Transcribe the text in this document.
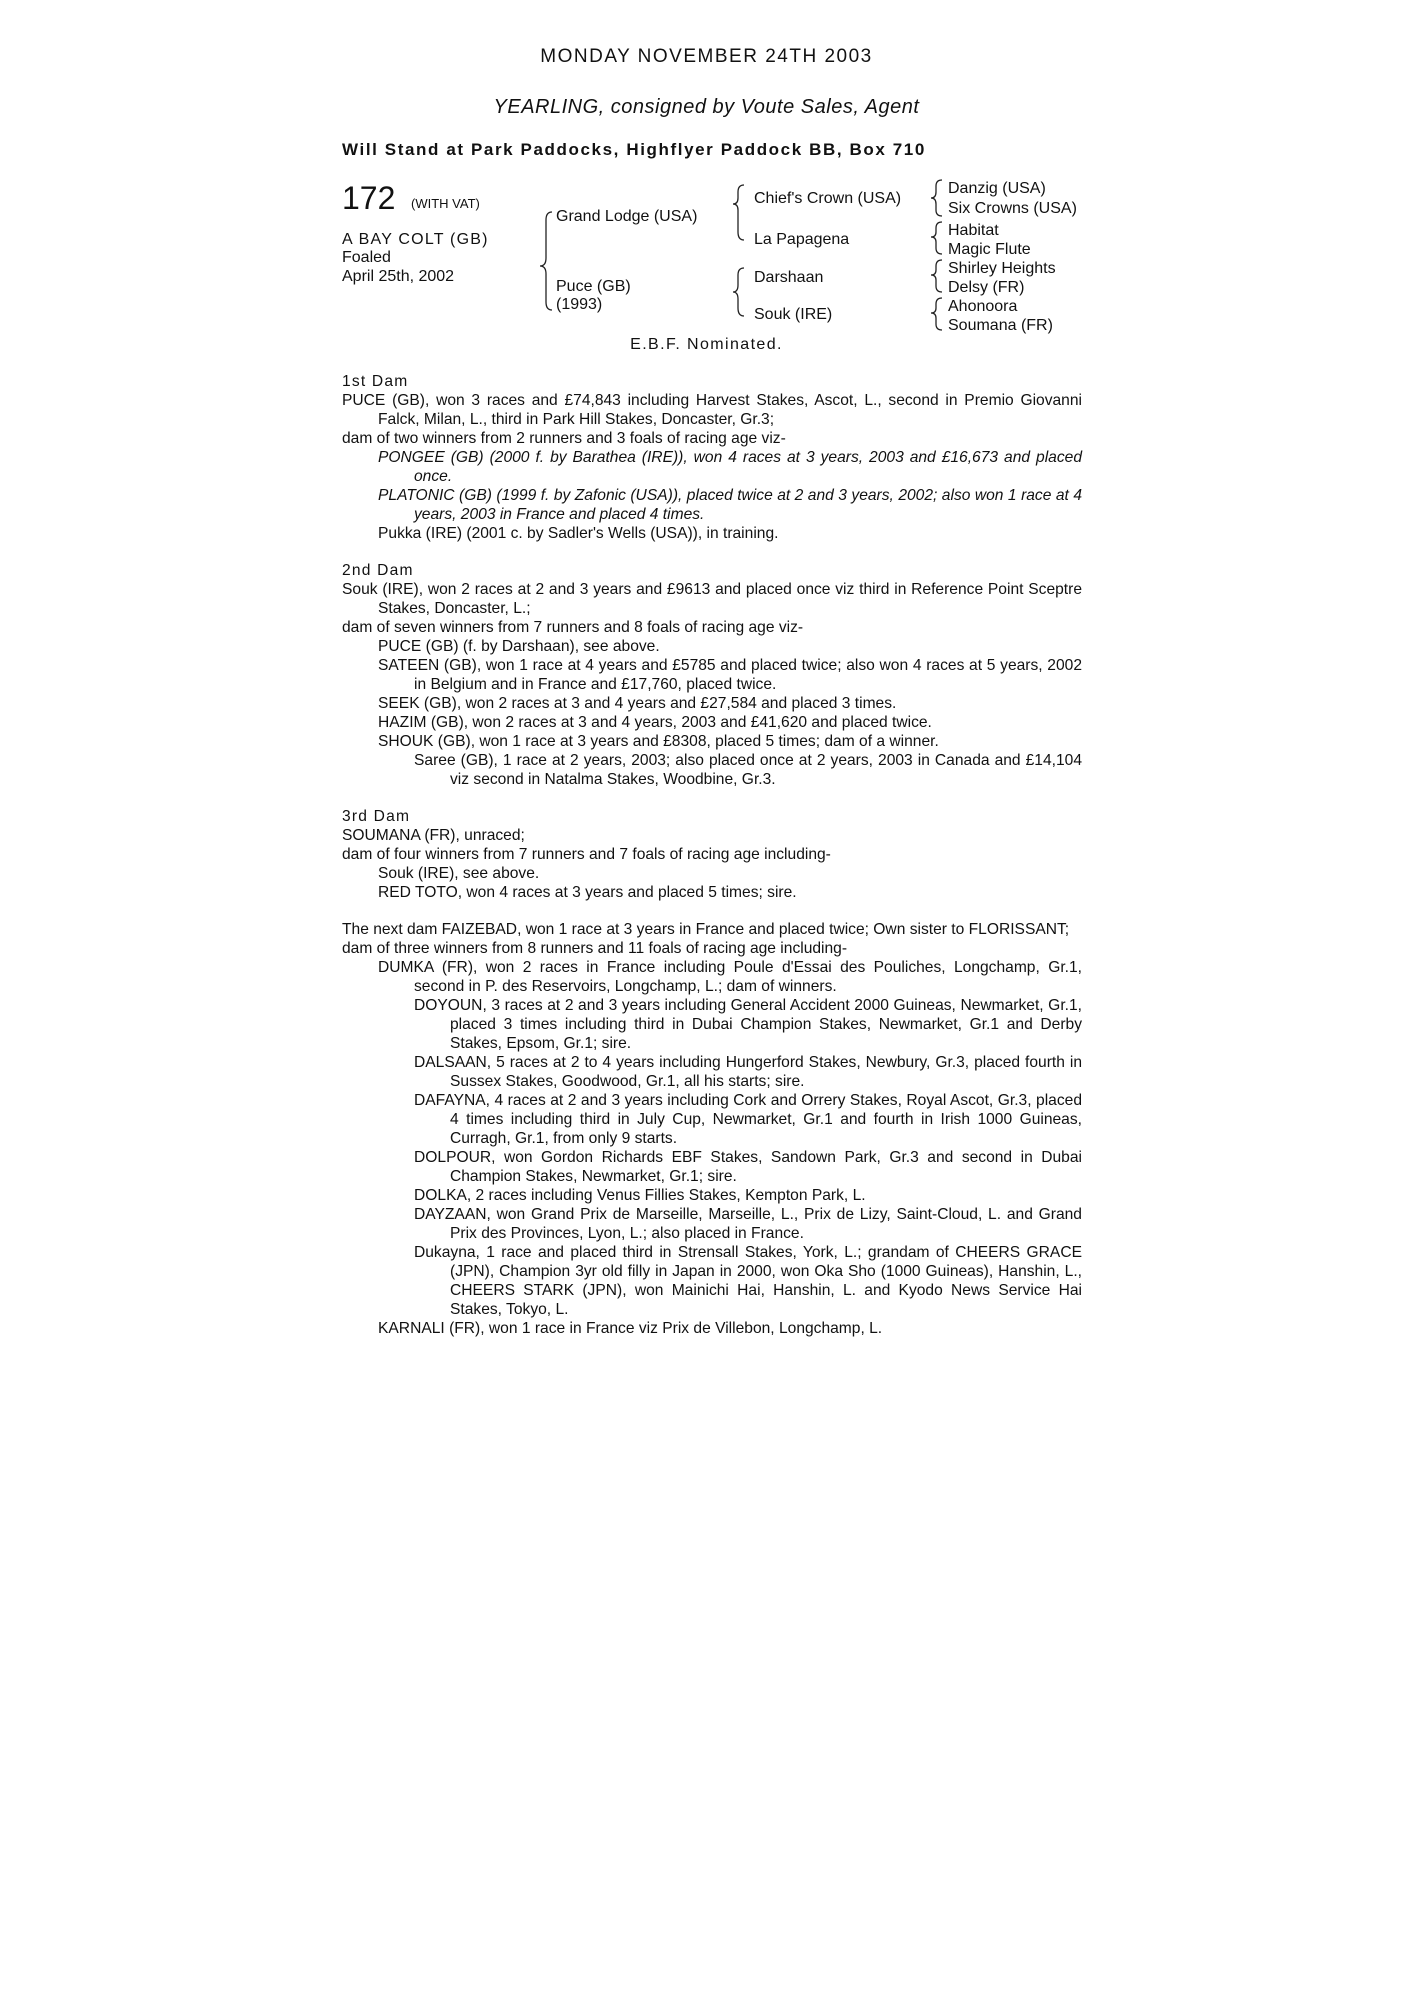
MONDAY NOVEMBER 24TH 2003
YEARLING, consigned by Voute Sales, Agent
Will Stand at Park Paddocks, Highflyer Paddock BB, Box 710
172 (WITH VAT)
A BAY COLT (GB)
Foaled
April 25th, 2002
Grand Lodge (USA)
Puce (GB)
(1993)
Chief's Crown (USA)
La Papagena
Darshaan
Souk (IRE)
Danzig (USA)
Six Crowns (USA)
Habitat
Magic Flute
Shirley Heights
Delsy (FR)
Ahonoora
Soumana (FR)
E.B.F. Nominated.

1st Dam

PUCE (GB), won 3 races and £74,843 including Harvest Stakes, Ascot, L., second in Premio Giovanni Falck, Milan, L., third in Park Hill Stakes, Doncaster, Gr.3;

dam of two winners from 2 runners and 3 foals of racing age viz-

PONGEE (GB) (2000 f. by Barathea (IRE)), won 4 races at 3 years, 2003 and £16,673 and placed once.

PLATONIC (GB) (1999 f. by Zafonic (USA)), placed twice at 2 and 3 years, 2002; also won 1 race at 4 years, 2003 in France and placed 4 times.

Pukka (IRE) (2001 c. by Sadler's Wells (USA)), in training.

2nd Dam

Souk (IRE), won 2 races at 2 and 3 years and £9613 and placed once viz third in Reference Point Sceptre Stakes, Doncaster, L.;

dam of seven winners from 7 runners and 8 foals of racing age viz-

PUCE (GB) (f. by Darshaan), see above.

SATEEN (GB), won 1 race at 4 years and £5785 and placed twice; also won 4 races at 5 years, 2002 in Belgium and in France and £17,760, placed twice.

SEEK (GB), won 2 races at 3 and 4 years and £27,584 and placed 3 times.

HAZIM (GB), won 2 races at 3 and 4 years, 2003 and £41,620 and placed twice.

SHOUK (GB), won 1 race at 3 years and £8308, placed 5 times; dam of a winner.

Saree (GB), 1 race at 2 years, 2003; also placed once at 2 years, 2003 in Canada and £14,104 viz second in Natalma Stakes, Woodbine, Gr.3.

3rd Dam

SOUMANA (FR), unraced;

dam of four winners from 7 runners and 7 foals of racing age including-

Souk (IRE), see above.

RED TOTO, won 4 races at 3 years and placed 5 times; sire.

The next dam FAIZEBAD, won 1 race at 3 years in France and placed twice; Own sister to FLORISSANT;

dam of three winners from 8 runners and 11 foals of racing age including-

DUMKA (FR), won 2 races in France including Poule d'Essai des Pouliches, Longchamp, Gr.1, second in P. des Reservoirs, Longchamp, L.; dam of winners.

DOYOUN, 3 races at 2 and 3 years including General Accident 2000 Guineas, Newmarket, Gr.1, placed 3 times including third in Dubai Champion Stakes, Newmarket, Gr.1 and Derby Stakes, Epsom, Gr.1; sire.

DALSAAN, 5 races at 2 to 4 years including Hungerford Stakes, Newbury, Gr.3, placed fourth in Sussex Stakes, Goodwood, Gr.1, all his starts; sire.

DAFAYNA, 4 races at 2 and 3 years including Cork and Orrery Stakes, Royal Ascot, Gr.3, placed 4 times including third in July Cup, Newmarket, Gr.1 and fourth in Irish 1000 Guineas, Curragh, Gr.1, from only 9 starts.

DOLPOUR, won Gordon Richards EBF Stakes, Sandown Park, Gr.3 and second in Dubai Champion Stakes, Newmarket, Gr.1; sire.

DOLKA, 2 races including Venus Fillies Stakes, Kempton Park, L.

DAYZAAN, won Grand Prix de Marseille, Marseille, L., Prix de Lizy, Saint-Cloud, L. and Grand Prix des Provinces, Lyon, L.; also placed in France.

Dukayna, 1 race and placed third in Strensall Stakes, York, L.; grandam of CHEERS GRACE (JPN), Champion 3yr old filly in Japan in 2000, won Oka Sho (1000 Guineas), Hanshin, L., CHEERS STARK (JPN), won Mainichi Hai, Hanshin, L. and Kyodo News Service Hai Stakes, Tokyo, L.

KARNALI (FR), won 1 race in France viz Prix de Villebon, Longchamp, L.
